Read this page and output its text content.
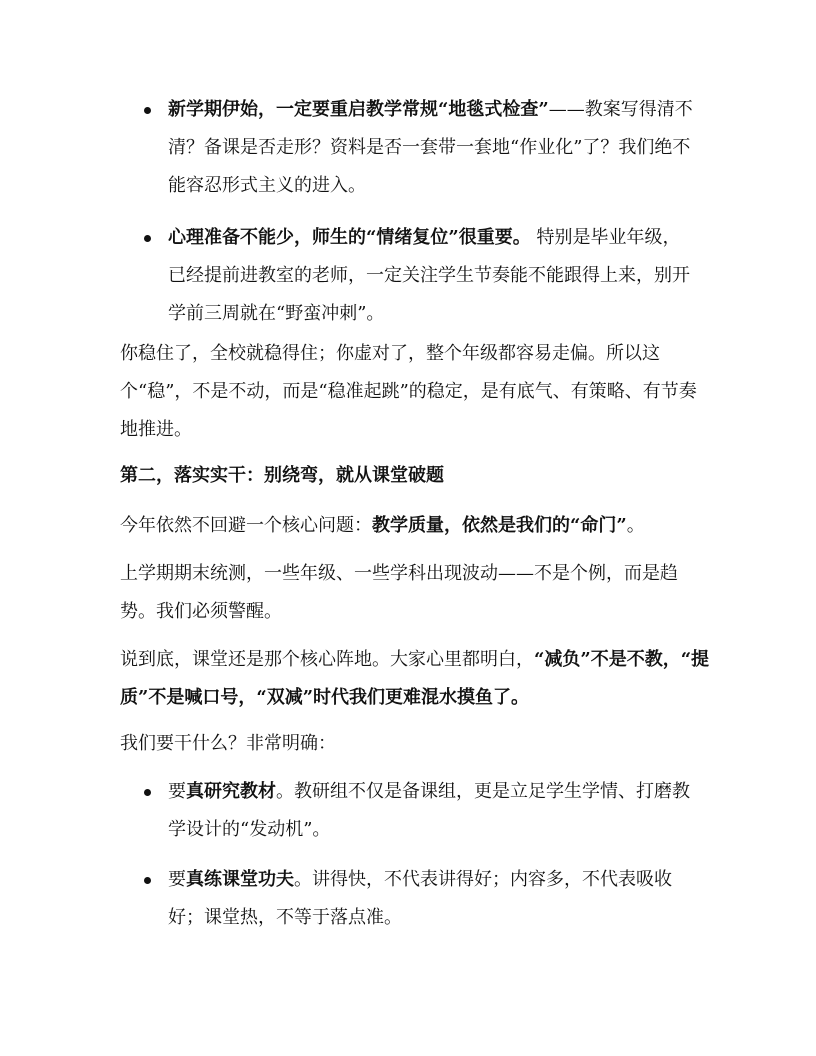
新学期伊始，一定要重启教学常规“地毯式检查”——教案写得清不清？备课是否走形？资料是否一套带一套地“作业化”了？我们绝不能容忍形式主义的进入。
心理准备不能少，师生的“情绪复位”很重要。 特别是毕业年级，已经提前进教室的老师，一定关注学生节奏能不能跟得上来，别开学前三周就在“野蛮冲刺”。

你稳住了，全校就稳得住；你虚对了，整个年级都容易走偏。所以这个“稳”，不是不动，而是“稳准起跳”的稳定，是有底气、有策略、有节奏地推进。

第二，落实实干：别绕弯，就从课堂破题

今年依然不回避一个核心问题：教学质量，依然是我们的“命门”。

上学期期末统测，一些年级、一些学科出现波动——不是个例，而是趋势。我们必须警醒。

说到底，课堂还是那个核心阵地。大家心里都明白，“减负”不是不教，“提质”不是喊口号，“双减”时代我们更难混水摸鱼了。

我们要干什么？非常明确：

要真研究教材。教研组不仅是备课组，更是立足学生学情、打磨教学设计的“发动机”。
要真练课堂功夫。讲得快，不代表讲得好；内容多，不代表吸收好；课堂热，不等于落点准。
